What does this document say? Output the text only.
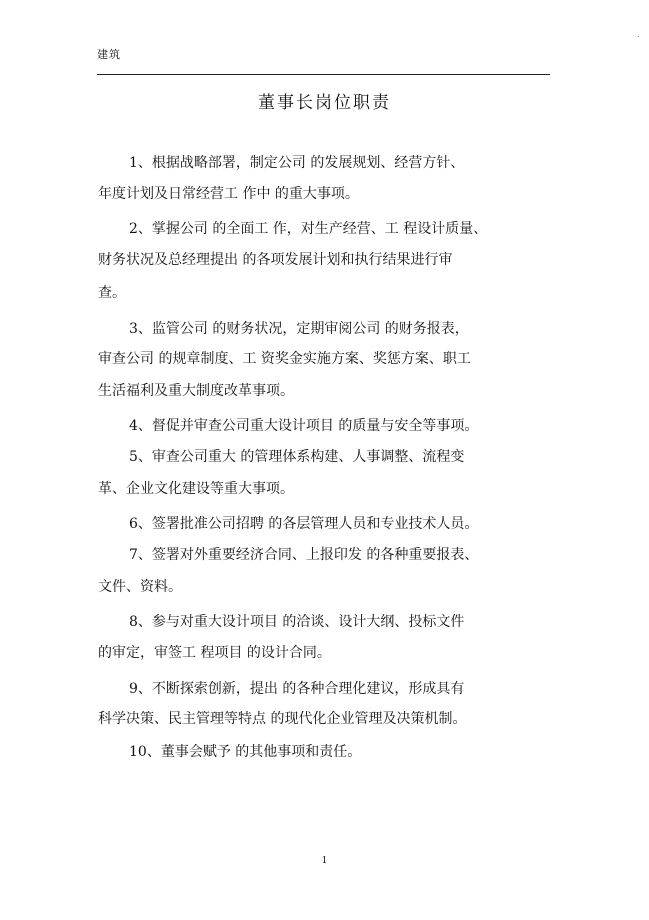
建筑
.
董事长岗位职责
1、根据战略部署，制定公司 的发展规划、经营方针、
年度计划及日常经营工 作中 的重大事项。
2、掌握公司 的全面工 作，对生产经营、工 程设计质量、
财务状况及总经理提出 的各项发展计划和执行结果进行审
查。
3、监管公司 的财务状况，定期审阅公司 的财务报表，
审查公司 的规章制度、工 资奖金实施方案、奖惩方案、职工
生活福利及重大制度改革事项。
4、督促并审查公司重大设计项目 的质量与安全等事项。
5、审查公司重大 的管理体系构建、人事调整、流程变
革、企业文化建设等重大事项。
6、签署批准公司招聘 的各层管理人员和专业技术人员。
7、签署对外重要经济合同、上报印发 的各种重要报表、
文件、资料。
8、参与对重大设计项目 的洽谈、设计大纲、投标文件
的审定，审签工 程项目 的设计合同。
9、不断探索创新，提出 的各种合理化建议，形成具有
科学决策、民主管理等特点 的现代化企业管理及决策机制。
10、董事会赋予 的其他事项和责任。
1
